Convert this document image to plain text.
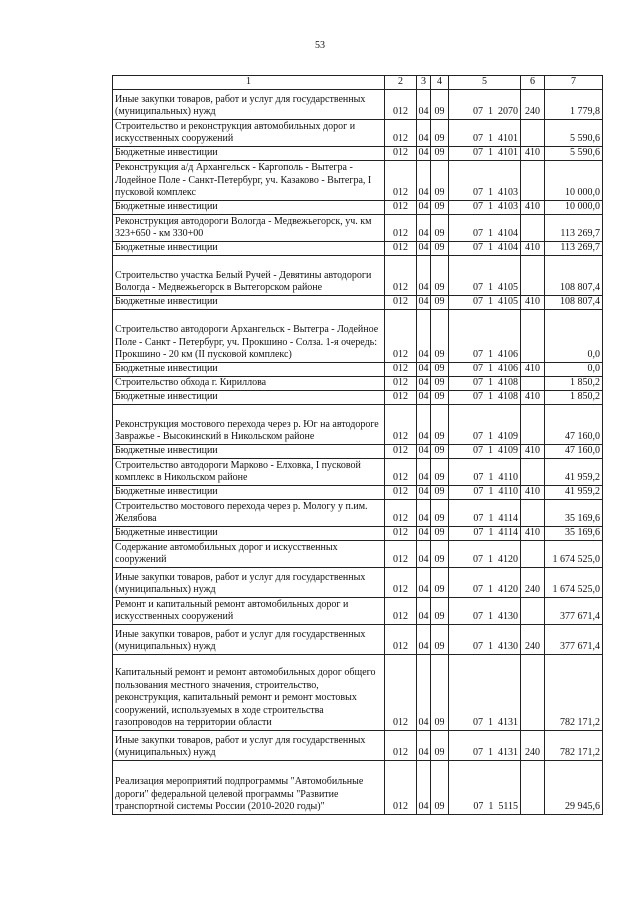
53
1	2	3	4	5	6	7
Иные закупки товаров, работ и услуг для государственных (муниципальных) нужд	012	04	09	07  1  2070	240	1 779,8
Строительство и реконструкция автомобильных дорог и искусственных сооружений	012	04	09	07  1  4101		5 590,6
Бюджетные инвестиции	012	04	09	07  1  4101	410	5 590,6
Реконструкция а/д Архангельск - Каргополь - Вытегра - Лодейное Поле - Санкт-Петербург, уч. Казаково - Вытегра, I пусковой комплекс	012	04	09	07  1  4103		10 000,0
Бюджетные инвестиции	012	04	09	07  1  4103	410	10 000,0
Реконструкция автодороги Вологда - Медвежьегорск, уч. км 323+650 - км 330+00	012	04	09	07  1  4104		113 269,7
Бюджетные инвестиции	012	04	09	07  1  4104	410	113 269,7
Строительство участка Белый Ручей - Девятины автодороги Вологда - Медвежьегорск в Вытегорском районе	012	04	09	07  1  4105		108 807,4
Бюджетные инвестиции	012	04	09	07  1  4105	410	108 807,4
Строительство автодороги Архангельск - Вытегра - Лодейное Поле - Санкт - Петербург, уч. Прокшино - Солза. 1-я очередь: Прокшино - 20 км (II пусковой комплекс)	012	04	09	07  1  4106		0,0
Бюджетные инвестиции	012	04	09	07  1  4106	410	0,0
Строительство обхода г. Кириллова	012	04	09	07  1  4108		1 850,2
Бюджетные инвестиции	012	04	09	07  1  4108	410	1 850,2
Реконструкция мостового перехода через р. Юг на автодороге Завражье - Высокинский в Никольском районе	012	04	09	07  1  4109		47 160,0
Бюджетные инвестиции	012	04	09	07  1  4109	410	47 160,0
Строительство автодороги Марково - Елховка, I пусковой комплекс в Никольском районе	012	04	09	07  1  4110		41 959,2
Бюджетные инвестиции	012	04	09	07  1  4110	410	41 959,2
Строительство мостового перехода через р. Мологу у п.им. Желябова	012	04	09	07  1  4114		35 169,6
Бюджетные инвестиции	012	04	09	07  1  4114	410	35 169,6
Содержание автомобильных дорог и искусственных сооружений	012	04	09	07  1  4120		1 674 525,0
Иные закупки товаров, работ и услуг для государственных (муниципальных) нужд	012	04	09	07  1  4120	240	1 674 525,0
Ремонт и капитальный ремонт автомобильных дорог и искусственных сооружений	012	04	09	07  1  4130		377 671,4
Иные закупки товаров, работ и услуг для государственных (муниципальных) нужд	012	04	09	07  1  4130	240	377 671,4
Капитальный ремонт и ремонт автомобильных дорог общего пользования местного значения, строительство, реконструкция, капитальный ремонт и ремонт мостовых сооружений, используемых в ходе строительства газопроводов на территории области	012	04	09	07  1  4131		782 171,2
Иные закупки товаров, работ и услуг для государственных (муниципальных) нужд	012	04	09	07  1  4131	240	782 171,2
Реализация мероприятий подпрограммы "Автомобильные дороги" федеральной целевой программы "Развитие транспортной системы России (2010-2020 годы)"	012	04	09	07  1  5115		29 945,6
